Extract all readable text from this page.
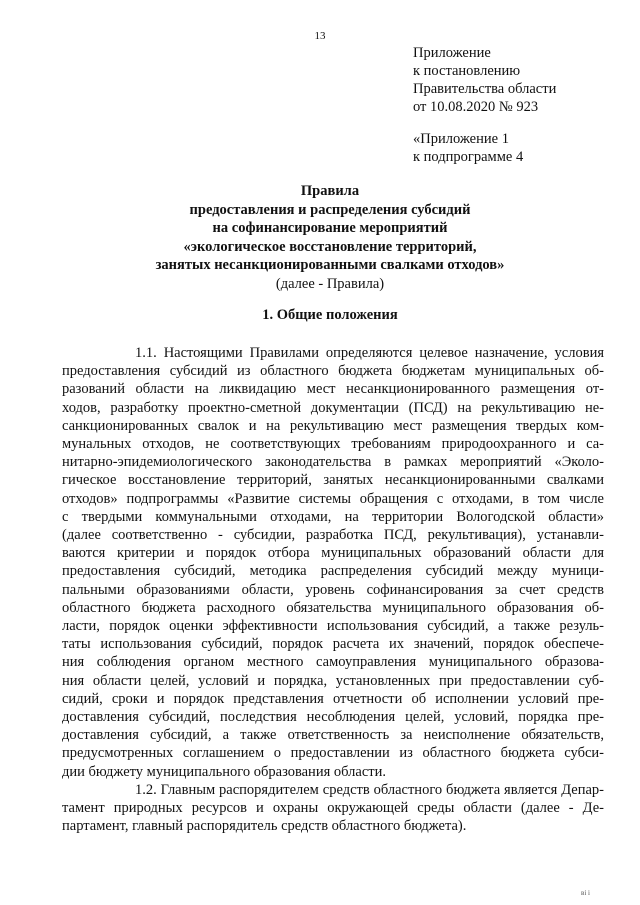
13
Приложение
к постановлению
Правительства области
от 10.08.2020 № 923
«Приложение 1
к подпрограмме 4
Правила
предоставления и распределения субсидий
на софинансирование мероприятий
«экологическое восстановление территорий,
занятых несанкционированными свалками отходов»
(далее - Правила)
1. Общие положения
1.1. Настоящими Правилами определяются целевое назначение, условия
предоставления субсидий из областного бюджета бюджетам муниципальных об-
разований области на ликвидацию мест несанкционированного размещения от-
ходов, разработку проектно-сметной документации (ПСД) на рекультивацию не-
санкционированных свалок и на рекультивацию мест размещения твердых ком-
мунальных отходов, не соответствующих требованиям природоохранного и са-
нитарно-эпидемиологического законодательства в рамках мероприятий «Эколо-
гическое восстановление территорий, занятых несанкционированными свалками
отходов» подпрограммы «Развитие системы обращения с отходами, в том числе
с твердыми коммунальными отходами, на территории Вологодской области»
(далее соответственно - субсидии, разработка ПСД, рекультивация), устанавли-
ваются критерии и порядок отбора муниципальных образований области для
предоставления субсидий, методика распределения субсидий между муници-
пальными образованиями области, уровень софинансирования за счет средств
областного бюджета расходного обязательства муниципального образования об-
ласти, порядок оценки эффективности использования субсидий, а также резуль-
таты использования субсидий, порядок расчета их значений, порядок обеспече-
ния соблюдения органом местного самоуправления муниципального образова-
ния области целей, условий и порядка, установленных при предоставлении суб-
сидий, сроки и порядок представления отчетности об исполнении условий пре-
доставления субсидий, последствия несоблюдения целей, условий, порядка пре-
доставления субсидий, а также ответственность за неисполнение обязательств,
предусмотренных соглашением о предоставлении из областного бюджета субси-
дии бюджету муниципального образования области.
1.2. Главным распорядителем средств областного бюджета является Депар-
тамент природных ресурсов и охраны окружающей среды области (далее - Де-
партамент, главный распорядитель средств областного бюджета).
ві і
